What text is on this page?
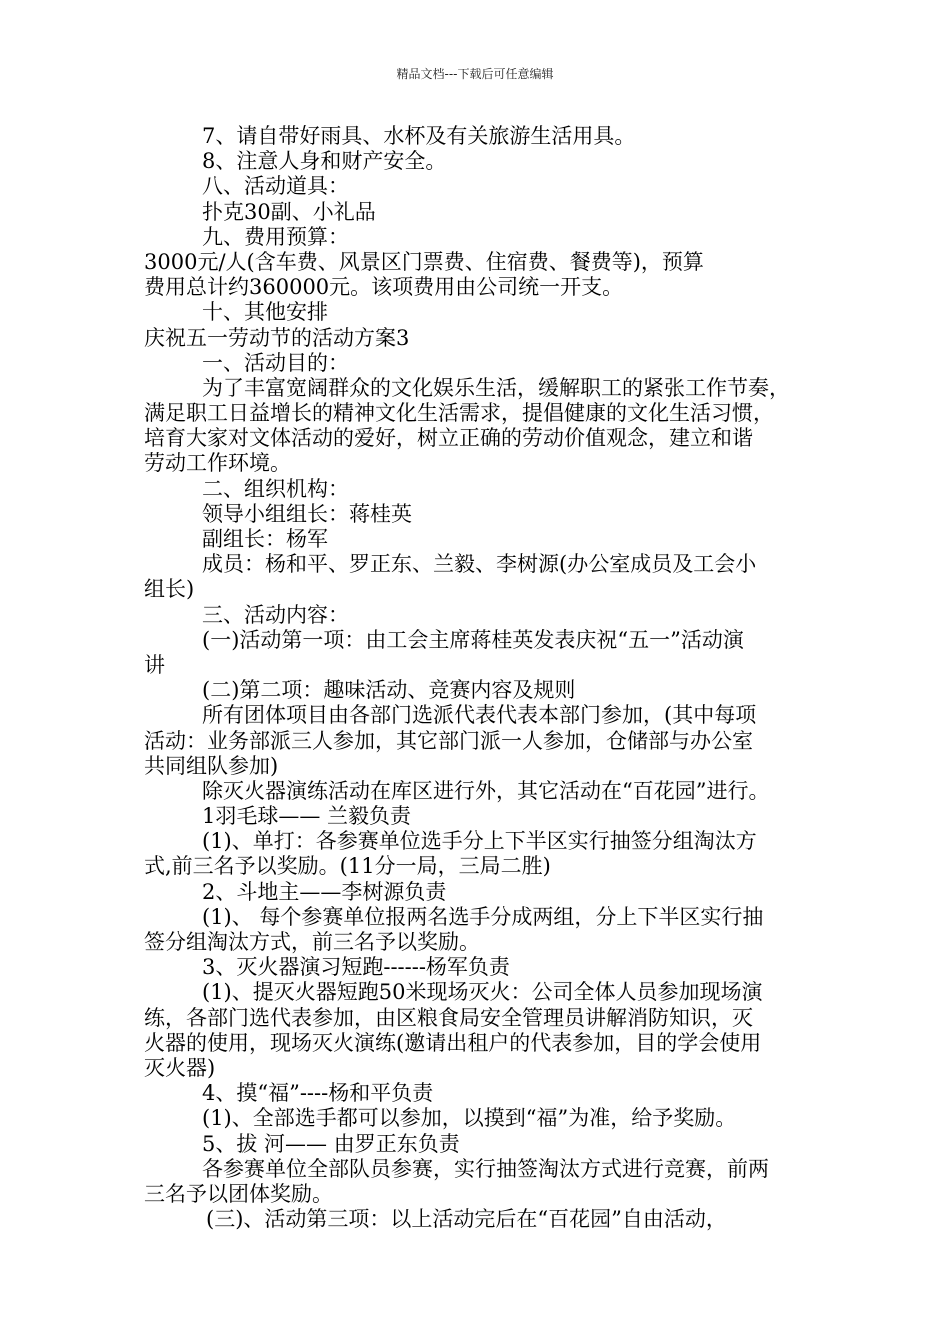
精品文档---下载后可任意编辑
7、请自带好雨具、水杯及有关旅游生活用具。
8、注意人身和财产安全。
八、活动道具：
扑克30副、小礼品
九、费用预算：
3000元/人(含车费、风景区门票费、住宿费、餐费等)，预算
费用总计约360000元。该项费用由公司统一开支。
十、其他安排
庆祝五一劳动节的活动方案3
一、活动目的：
为了丰富宽阔群众的文化娱乐生活，缓解职工的紧张工作节奏，
满足职工日益增长的精神文化生活需求，提倡健康的文化生活习惯，
培育大家对文体活动的爱好，树立正确的劳动价值观念，建立和谐
劳动工作环境。
二、组织机构：
领导小组组长：蒋桂英
副组长：杨军
成员：杨和平、罗正东、兰毅、李树源(办公室成员及工会小
组长)
三、活动内容：
(一)活动第一项：由工会主席蒋桂英发表庆祝“五一”活动演
讲
(二)第二项：趣味活动、竞赛内容及规则
所有团体项目由各部门选派代表代表本部门参加，(其中每项
活动：业务部派三人参加，其它部门派一人参加，仓储部与办公室
共同组队参加)
除灭火器演练活动在库区进行外，其它活动在“百花园”进行。
1羽毛球—— 兰毅负责
(1)、单打：各参赛单位选手分上下半区实行抽签分组淘汰方
式,前三名予以奖励。(11分一局，三局二胜)
2、斗地主——李树源负责
(1)、 每个参赛单位报两名选手分成两组，分上下半区实行抽
签分组淘汰方式，前三名予以奖励。
3、灭火器演习短跑------杨军负责
(1)、提灭火器短跑50米现场灭火：公司全体人员参加现场演
练，各部门选代表参加，由区粮食局安全管理员讲解消防知识，灭
火器的使用，现场灭火演练(邀请出租户的代表参加，目的学会使用
灭火器)
4、摸“福”----杨和平负责
(1)、全部选手都可以参加，以摸到“福”为准，给予奖励。
5、拔 河—— 由罗正东负责
各参赛单位全部队员参赛，实行抽签淘汰方式进行竞赛，前两
三名予以团体奖励。
(三)、活动第三项：以上活动完后在“百花园”自由活动，
